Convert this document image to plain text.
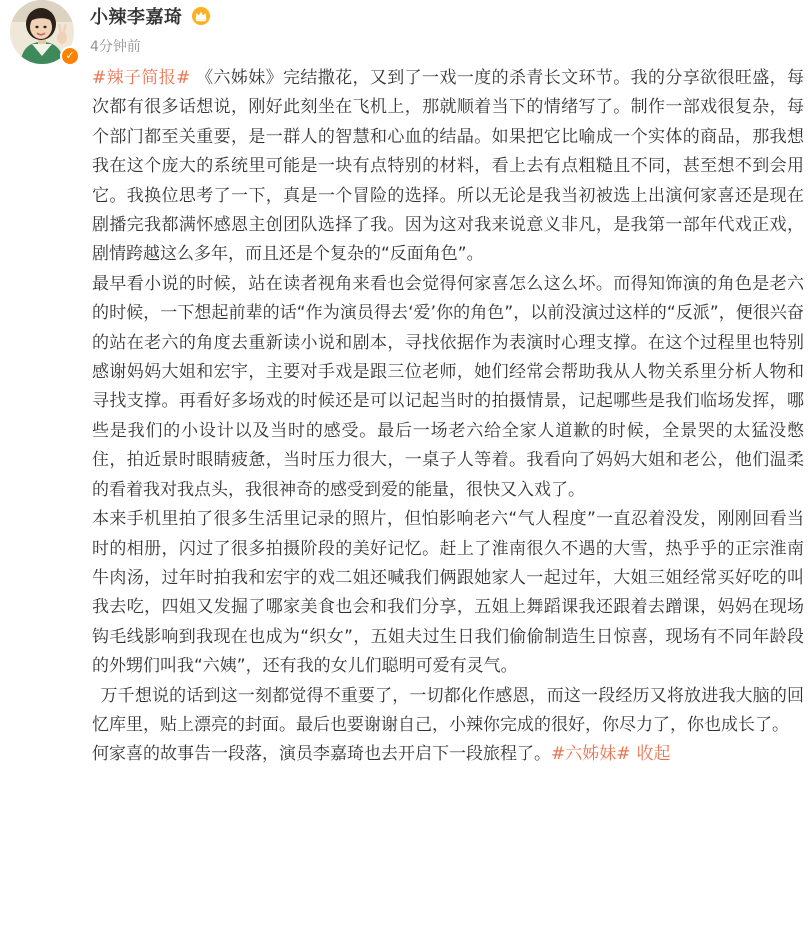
✓
小辣李嘉琦
4分钟前

#辣子简报# 《六姊妹》完结撒花，又到了一戏一度的杀青长文环节。我的分享欲很旺盛，每次都有很多话想说，刚好此刻坐在飞机上，那就顺着当下的情绪写了。制作一部戏很复杂，每个部门都至关重要，是一群人的智慧和心血的结晶。如果把它比喻成一个实体的商品，那我想我在这个庞大的系统里可能是一块有点特别的材料，看上去有点粗糙且不同，甚至想不到会用它。我换位思考了一下，真是一个冒险的选择。所以无论是我当初被选上出演何家喜还是现在剧播完我都满怀感恩主创团队选择了我。因为这对我来说意义非凡，是我第一部年代戏正戏，剧情跨越这么多年，而且还是个复杂的“反面角色”。

最早看小说的时候，站在读者视角来看也会觉得何家喜怎么这么坏。而得知饰演的角色是老六的时候，一下想起前辈的话“作为演员得去‘爱’你的角色”，以前没演过这样的“反派”，便很兴奋的站在老六的角度去重新读小说和剧本，寻找依据作为表演时心理支撑。在这个过程里也特别感谢妈妈大姐和宏宇，主要对手戏是跟三位老师，她们经常会帮助我从人物关系里分析人物和寻找支撑。再看好多场戏的时候还是可以记起当时的拍摄情景，记起哪些是我们临场发挥，哪些是我们的小设计以及当时的感受。最后一场老六给全家人道歉的时候，全景哭的太猛没憋住，拍近景时眼睛疲惫，当时压力很大，一桌子人等着。我看向了妈妈大姐和老公，他们温柔的看着我对我点头，我很神奇的感受到爱的能量，很快又入戏了。

本来手机里拍了很多生活里记录的照片，但怕影响老六“气人程度”一直忍着没发，刚刚回看当时的相册，闪过了很多拍摄阶段的美好记忆。赶上了淮南很久不遇的大雪，热乎乎的正宗淮南牛肉汤，过年时拍我和宏宇的戏二姐还喊我们俩跟她家人一起过年，大姐三姐经常买好吃的叫我去吃，四姐又发掘了哪家美食也会和我们分享，五姐上舞蹈课我还跟着去蹭课，妈妈在现场钩毛线影响到我现在也成为“织女”，五姐夫过生日我们偷偷制造生日惊喜，现场有不同年龄段的外甥们叫我“六姨”，还有我的女儿们聪明可爱有灵气。

万千想说的话到这一刻都觉得不重要了，一切都化作感恩，而这一段经历又将放进我大脑的回忆库里，贴上漂亮的封面。最后也要谢谢自己，小辣你完成的很好，你尽力了，你也成长了。

何家喜的故事告一段落，演员李嘉琦也去开启下一段旅程了。#六姊妹# 收起
